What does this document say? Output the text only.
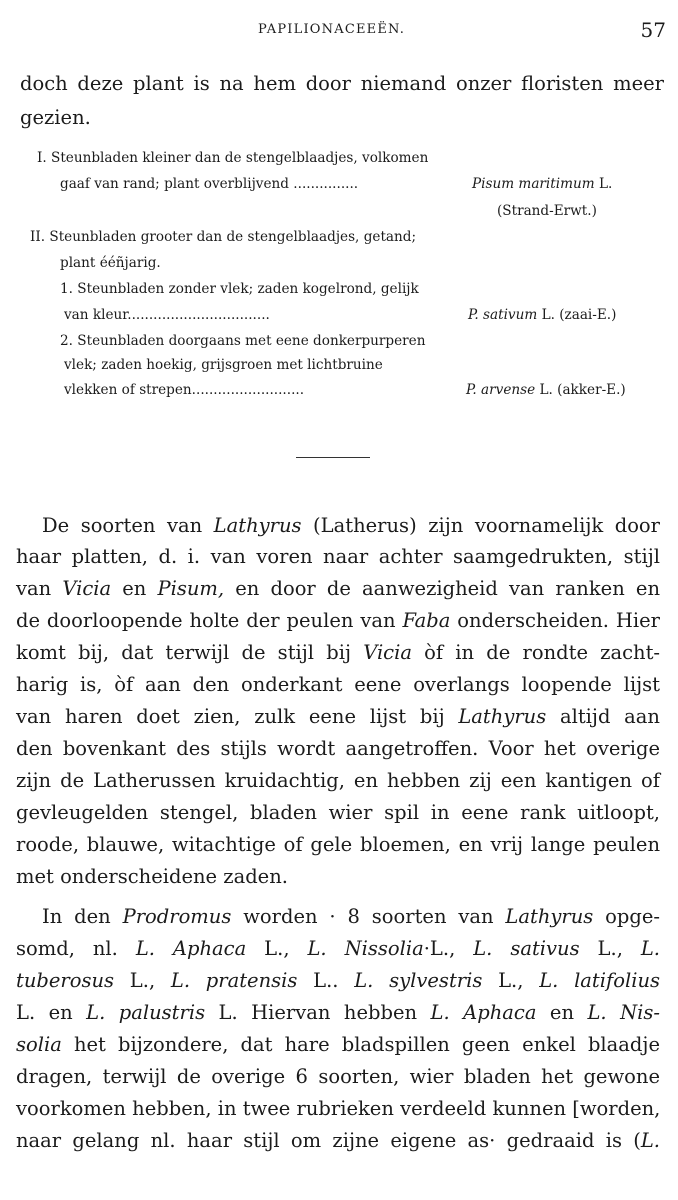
PAPILIONACEEËN.	57
doch deze plant is na hem door niemand onzer floristen meer
gezien.
I. Steunbladen kleiner dan de stengelblaadjes, volkomen
gaaf van rand; plant overblijvend ...............	Pisum maritimum L.
(Strand-Erwt.)
II. Steunbladen grooter dan de stengelblaadjes, getand;
plant ééñjarig.
1. Steunbladen zonder vlek; zaden kogelrond, gelijk
van kleur.................................	P. sativum L. (zaai-E.)
2. Steunbladen doorgaans met eene donkerpurperen
vlek; zaden hoekig, grijsgroen met lichtbruine
vlekken of strepen..........................	P. arvense L. (akker-E.)
De soorten van Lathyrus (Latherus) zijn voornamelijk door
haar platten, d. i. van voren naar achter saamgedrukten, stijl
van Vicia en Pisum, en door de aanwezigheid van ranken en
de doorloopende holte der peulen van Faba onderscheiden. Hier
komt bij, dat terwijl de stijl bij Vicia òf in de rondte zacht-
harig is, òf aan den onderkant eene overlangs loopende lijst
van haren doet zien, zulk eene lijst bij Lathyrus altijd aan
den bovenkant des stijls wordt aangetroffen. Voor het overige
zijn de Latherussen kruidachtig, en hebben zij een kantigen of
gevleugelden stengel, bladen wier spil in eene rank uitloopt,
roode, blauwe, witachtige of gele bloemen, en vrij lange peulen
met onderscheidene zaden.
In den Prodromus worden · 8 soorten van Lathyrus opge-
somd, nl. L. Aphaca L., L. Nissolia·L., L. sativus L., L.
tuberosus L., L. pratensis L.. L. sylvestris L., L. latifolius
L. en L. palustris L. Hiervan hebben L. Aphaca en L. Nis-
solia het bijzondere, dat hare bladspillen geen enkel blaadje
dragen, terwijl de overige 6 soorten, wier bladen het gewone
voorkomen hebben, in twee rubrieken verdeeld kunnen [worden,
naar gelang nl. haar stijl om zijne eigene as· gedraaid is (L.
